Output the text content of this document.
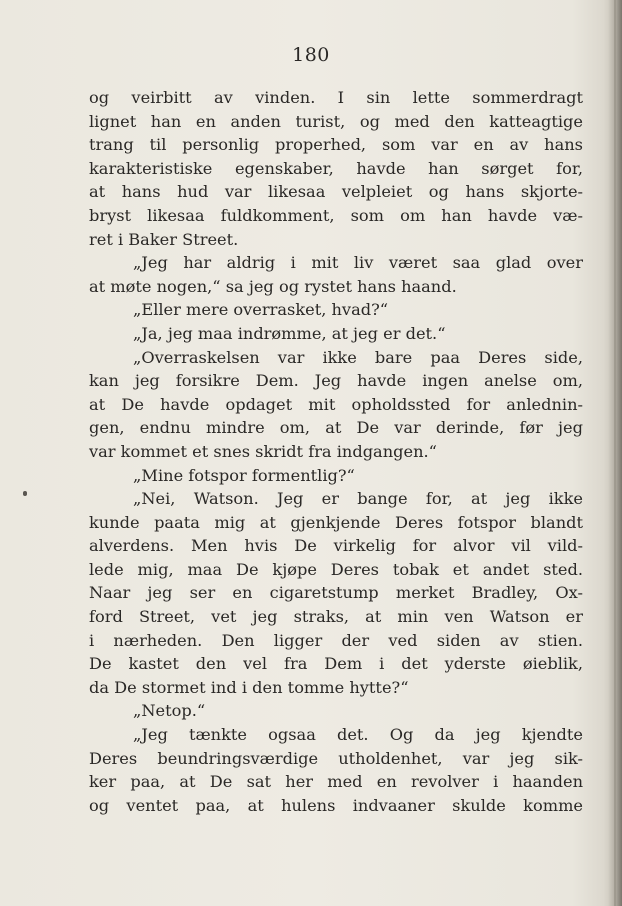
180
og veirbitt av vinden. I sin lette sommerdragt
lignet han en anden turist, og med den katteagtige
trang til personlig properhed, som var en av hans
karakteristiske egenskaber, havde han sørget for,
at hans hud var likesaa velpleiet og hans skjorte-
bryst likesaa fuldkomment, som om han havde væ-
ret i Baker Street.
„Jeg har aldrig i mit liv været saa glad over
at møte nogen,“ sa jeg og rystet hans haand.
„Eller mere overrasket, hvad?“
„Ja, jeg maa indrømme, at jeg er det.“
„Overraskelsen var ikke bare paa Deres side,
kan jeg forsikre Dem. Jeg havde ingen anelse om,
at De havde opdaget mit opholdssted for anlednin-
gen, endnu mindre om, at De var derinde, før jeg
var kommet et snes skridt fra indgangen.“
„Mine fotspor formentlig?“
„Nei, Watson. Jeg er bange for, at jeg ikke
kunde paata mig at gjenkjende Deres fotspor blandt
alverdens. Men hvis De virkelig for alvor vil vild-
lede mig, maa De kjøpe Deres tobak et andet sted.
Naar jeg ser en cigaretstump merket Bradley, Ox-
ford Street, vet jeg straks, at min ven Watson er
i nærheden. Den ligger der ved siden av stien.
De kastet den vel fra Dem i det yderste øieblik,
da De stormet ind i den tomme hytte?“
„Netop.“
„Jeg tænkte ogsaa det. Og da jeg kjendte
Deres beundringsværdige utholdenhet, var jeg sik-
ker paa, at De sat her med en revolver i haanden
og ventet paa, at hulens indvaaner skulde komme
